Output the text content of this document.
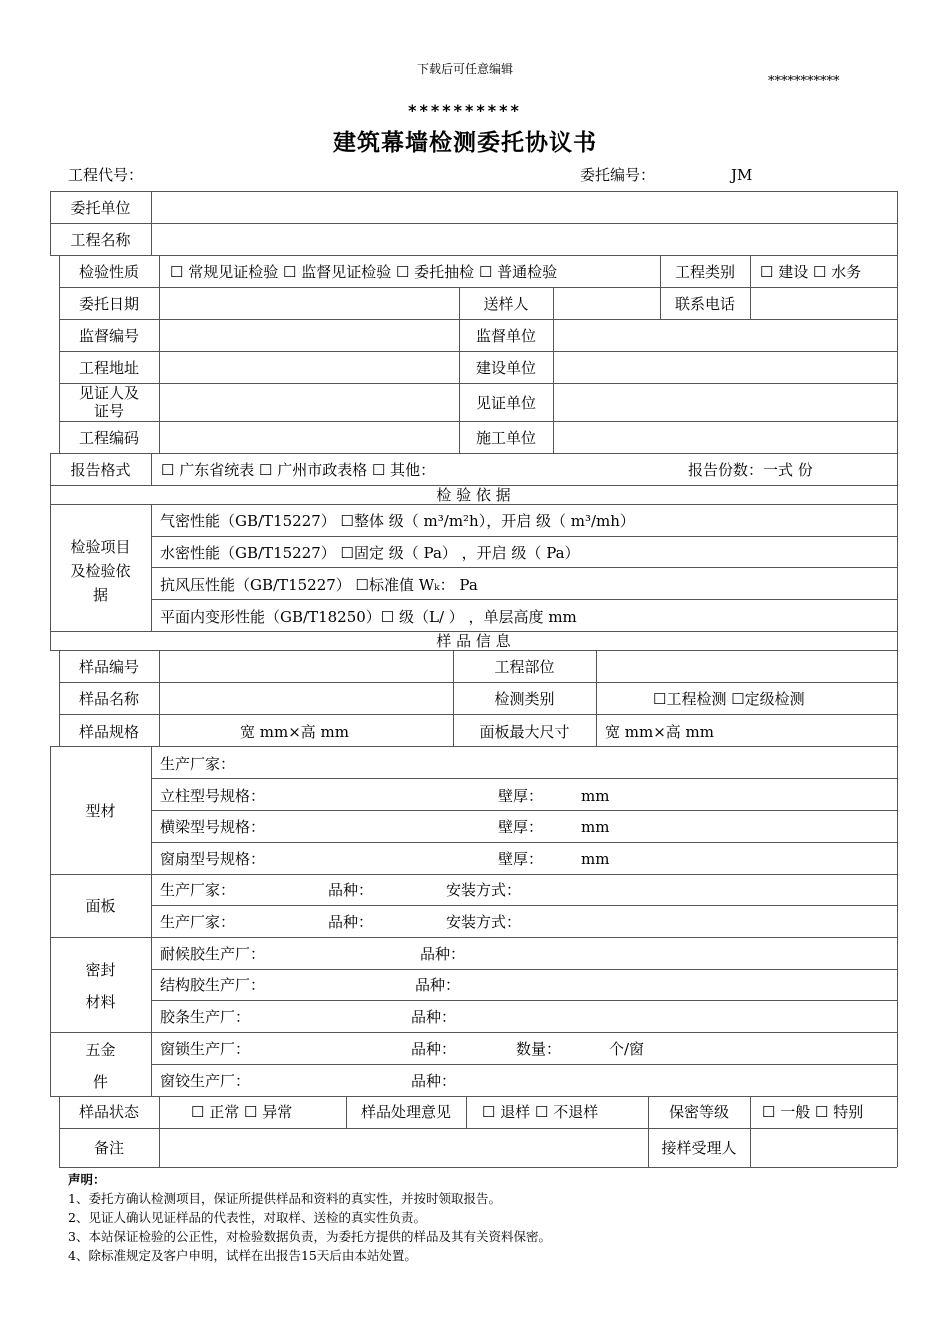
下载后可任意编辑
***********
**********
建筑幕墙检测委托协议书
工程代号：	委托编号：	JM
委托单位
工程名称
检验性质	☐ 常规见证检验 ☐ 监督见证检验 ☐ 委托抽检 ☐ 普通检验	工程类别	☐ 建设 ☐ 水务
委托日期	送样人	联系电话
监督编号	监督单位
工程地址	建设单位
见证人及
证号	见证单位
工程编码	施工单位
报告格式	☐ 广东省统表 ☐ 广州市政表格 ☐ 其他：	报告份数：一式 份
检 验 依 据
检验项目
及检验依
据
气密性能（GB/T15227） ☐整体 级（ m³/m²h），开启 级（ m³/mh）
水密性能（GB/T15227） ☐固定 级（ Pa） ，开启 级（ Pa）
抗风压性能（GB/T15227） ☐标准值 Wₖ： Pa
平面内变形性能（GB/T18250）☐ 级（L/ ） ，单层高度 mm
样 品 信 息
样品编号	工程部位
样品名称	检测类别	☐工程检测 ☐定级检测
样品规格	宽 mm×高 mm	面板最大尺寸	宽 mm×高 mm
型材
生产厂家：
立柱型号规格：	壁厚：	mm
横梁型号规格：	壁厚：	mm
窗扇型号规格：	壁厚：	mm
面板
生产厂家：	品种：	安装方式：
生产厂家：	品种：	安装方式：
密封
材料
耐候胶生产厂：	品种：
结构胶生产厂：	品种：
胶条生产厂：	品种：
五金
件
窗锁生产厂：	品种：	数量：	个/窗
窗铰生产厂：	品种：
样品状态	☐ 正常 ☐ 异常	样品处理意见	☐ 退样 ☐ 不退样	保密等级	☐ 一般 ☐ 特别
备注	接样受理人
声明：
1、委托方确认检测项目，保证所提供样品和资料的真实性，并按时领取报告。
2、见证人确认见证样品的代表性，对取样、送检的真实性负责。
3、本站保证检验的公正性，对检验数据负责，为委托方提供的样品及其有关资料保密。
4、除标准规定及客户申明，试样在出报告15天后由本站处置。
